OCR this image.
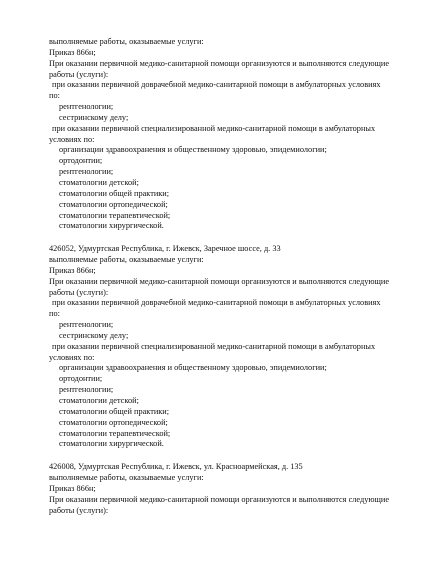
выполняемые работы, оказываемые услуги:
Приказ 866н;
При оказании первичной медико-санитарной помощи организуются и выполняются следующие
работы (услуги):
при оказании первичной доврачебной медико-санитарной помощи в амбулаторных условиях
по:
рентгенологии;
сестринскому делу;
при оказании первичной специализированной медико-санитарной помощи в амбулаторных
условиях по:
организации здравоохранения и общественному здоровью, эпидемиологии;
ортодонтии;
рентгенологии;
стоматологии детской;
стоматологии общей практики;
стоматологии ортопедической;
стоматологии терапевтической;
стоматологии хирургической.
426052, Удмуртская Республика, г. Ижевск, Заречное шоссе, д. 33
выполняемые работы, оказываемые услуги:
Приказ 866н;
При оказании первичной медико-санитарной помощи организуются и выполняются следующие
работы (услуги):
при оказании первичной доврачебной медико-санитарной помощи в амбулаторных условиях
по:
рентгенологии;
сестринскому делу;
при оказании первичной специализированной медико-санитарной помощи в амбулаторных
условиях по:
организации здравоохранения и общественному здоровью, эпидемиологии;
ортодонтии;
рентгенологии;
стоматологии детской;
стоматологии общей практики;
стоматологии ортопедической;
стоматологии терапевтической;
стоматологии хирургической.
426008, Удмуртская Республика, г. Ижевск, ул. Красноармейская, д. 135
выполняемые работы, оказываемые услуги:
Приказ 866н;
При оказании первичной медико-санитарной помощи организуются и выполняются следующие
работы (услуги):
